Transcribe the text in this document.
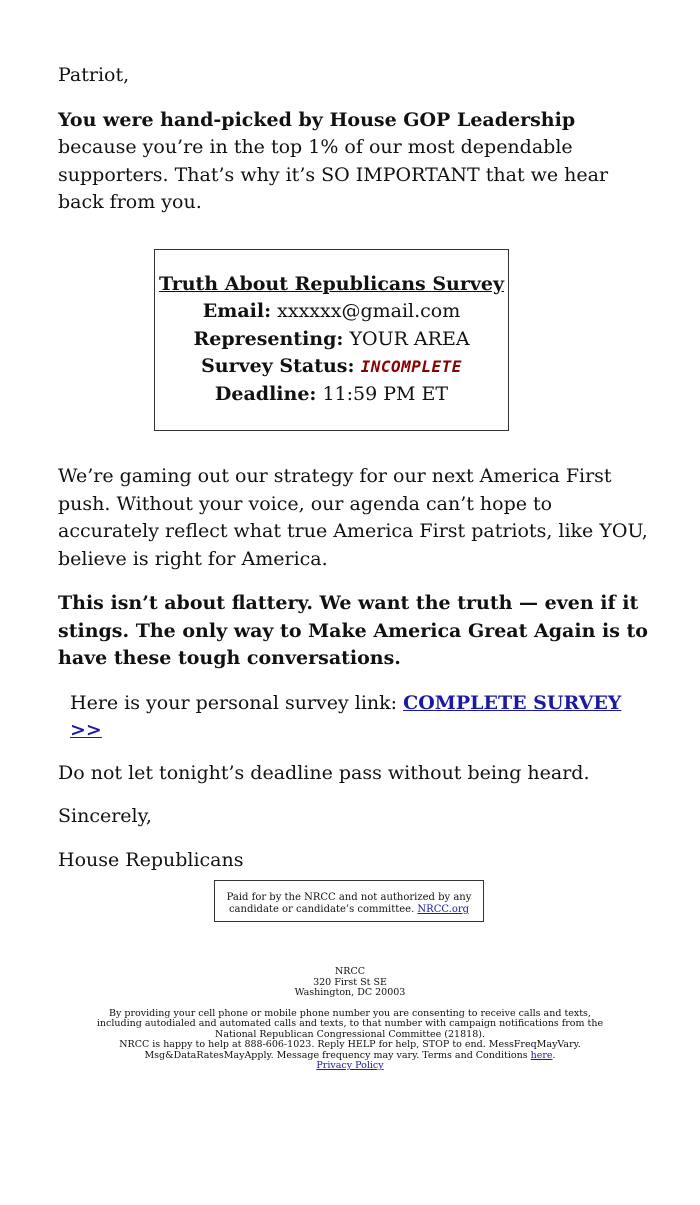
Patriot,

You were hand-picked by House GOP Leadership because you’re in the top 1% of our most dependable supporters. That’s why it’s SO IMPORTANT that we hear back from you.

Truth About Republicans Survey
Email: xxxxxx@gmail.com
Representing: YOUR AREA
Survey Status: INCOMPLETE
Deadline: 11:59 PM ET

We’re gaming out our strategy for our next America First push. Without your voice, our agenda can’t hope to accurately reflect what true America First patriots, like YOU, believe is right for America.

This isn’t about flattery. We want the truth — even if it stings. The only way to Make America Great Again is to have these tough conversations.

Here is your personal survey link: COMPLETE SURVEY >>

Do not let tonight’s deadline pass without being heard.

Sincerely,

House Republicans

Paid for by the NRCC and not authorized by any candidate or candidate’s committee. NRCC.org

NRCC

320 First St SE

Washington, DC 20003

By providing your cell phone or mobile phone number you are consenting to receive calls and texts, including autodialed and automated calls and texts, to that number with campaign notifications from the National Republican Congressional Committee (21818).

NRCC is happy to help at 888-606-1023. Reply HELP for help, STOP to end. MessFreqMayVary. Msg&DataRatesMayApply. Message frequency may vary. Terms and Conditions here.

Privacy Policy
